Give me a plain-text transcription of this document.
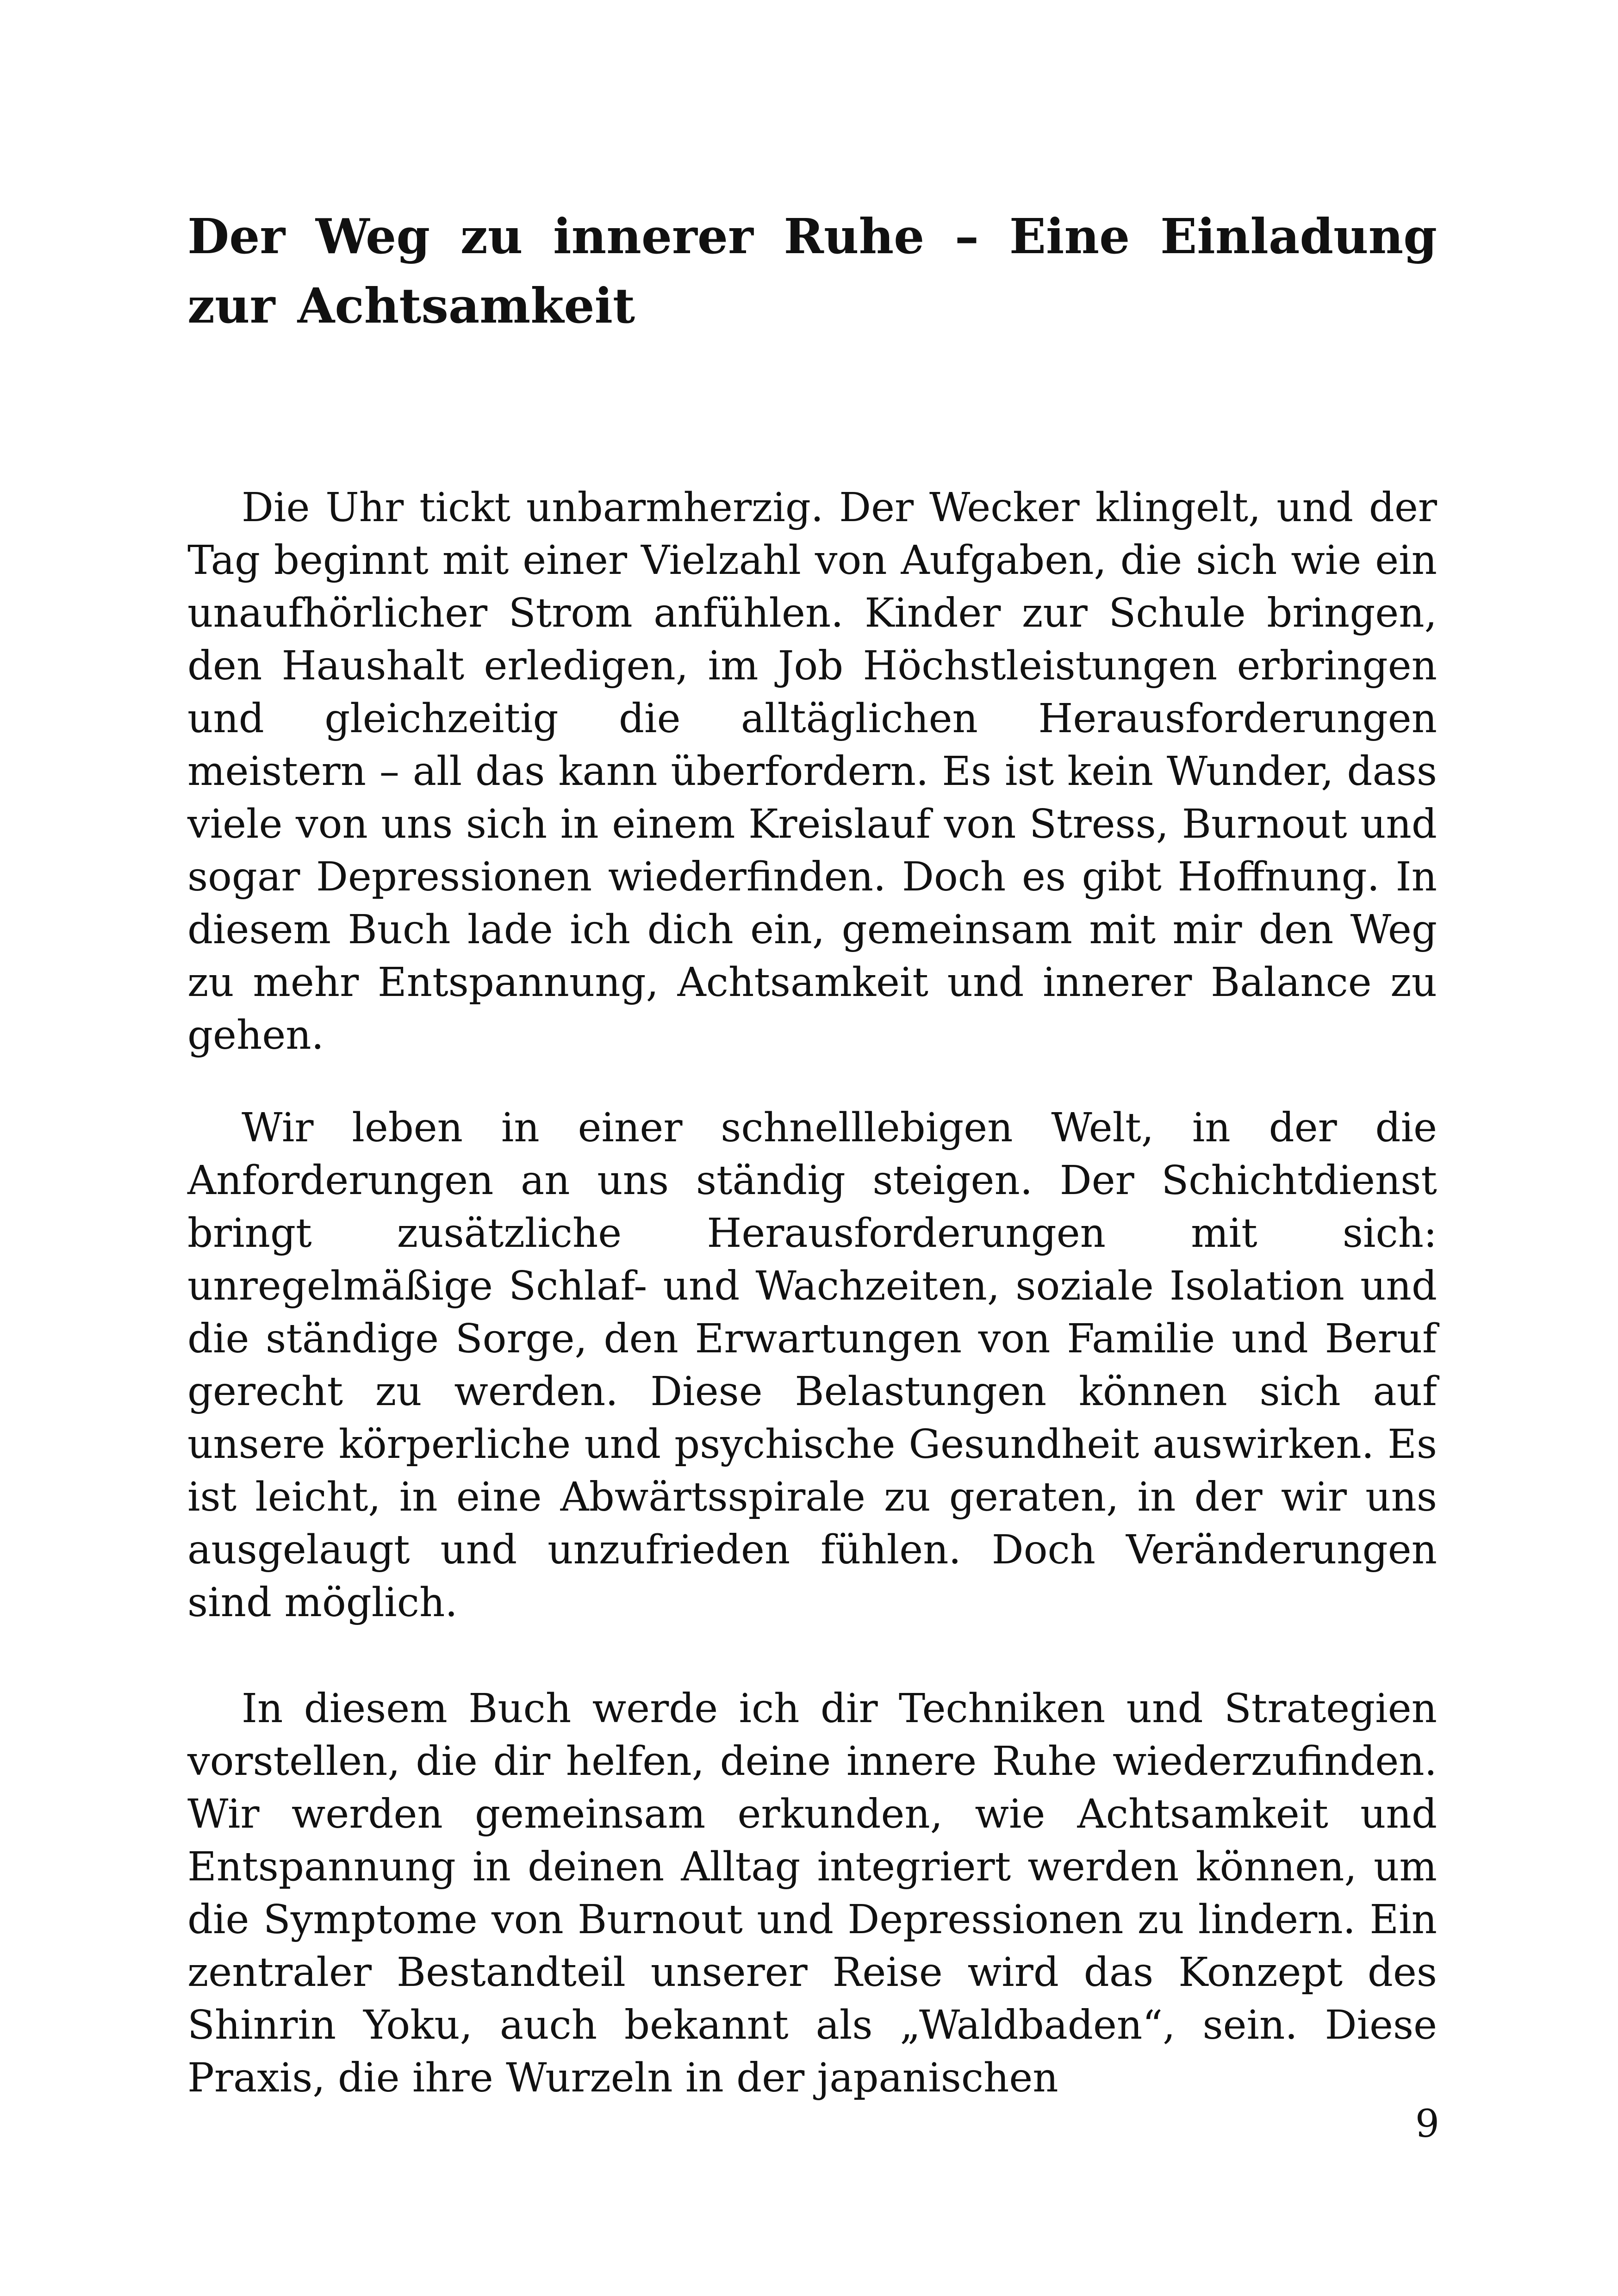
Der Weg zu innerer Ruhe – Eine Einladung zur Achtsamkeit

Die Uhr tickt unbarmherzig. Der Wecker klingelt, und der Tag beginnt mit einer Vielzahl von Aufgaben, die sich wie ein unaufhörlicher Strom anfühlen. Kinder zur Schule bringen, den Haushalt erledigen, im Job Höchstleistungen erbringen und gleichzeitig die alltäglichen Herausforderungen meistern – all das kann überfordern. Es ist kein Wunder, dass viele von uns sich in einem Kreislauf von Stress, Burnout und sogar Depressionen wiederfinden. Doch es gibt Hoffnung. In diesem Buch lade ich dich ein, gemeinsam mit mir den Weg zu mehr Entspannung, Achtsamkeit und innerer Balance zu gehen.

Wir leben in einer schnelllebigen Welt, in der die Anforderungen an uns ständig steigen. Der Schichtdienst bringt zusätzliche Herausforderungen mit sich: unregelmäßige Schlaf- und Wachzeiten, soziale Isolation und die ständige Sorge, den Erwartungen von Familie und Beruf gerecht zu werden. Diese Belastungen können sich auf unsere körperliche und psychische Gesundheit auswirken. Es ist leicht, in eine Abwärtsspirale zu geraten, in der wir uns ausgelaugt und unzufrieden fühlen. Doch Veränderungen sind möglich.

In diesem Buch werde ich dir Techniken und Strategien vorstellen, die dir helfen, deine innere Ruhe wiederzufinden. Wir werden gemeinsam erkunden, wie Achtsamkeit und Entspannung in deinen Alltag integriert werden können, um die Symptome von Burnout und Depressionen zu lindern. Ein zentraler Bestandteil unserer Reise wird das Konzept des Shinrin Yoku, auch bekannt als „Waldbaden“, sein. Diese Praxis, die ihre Wurzeln in der japanischen

9
